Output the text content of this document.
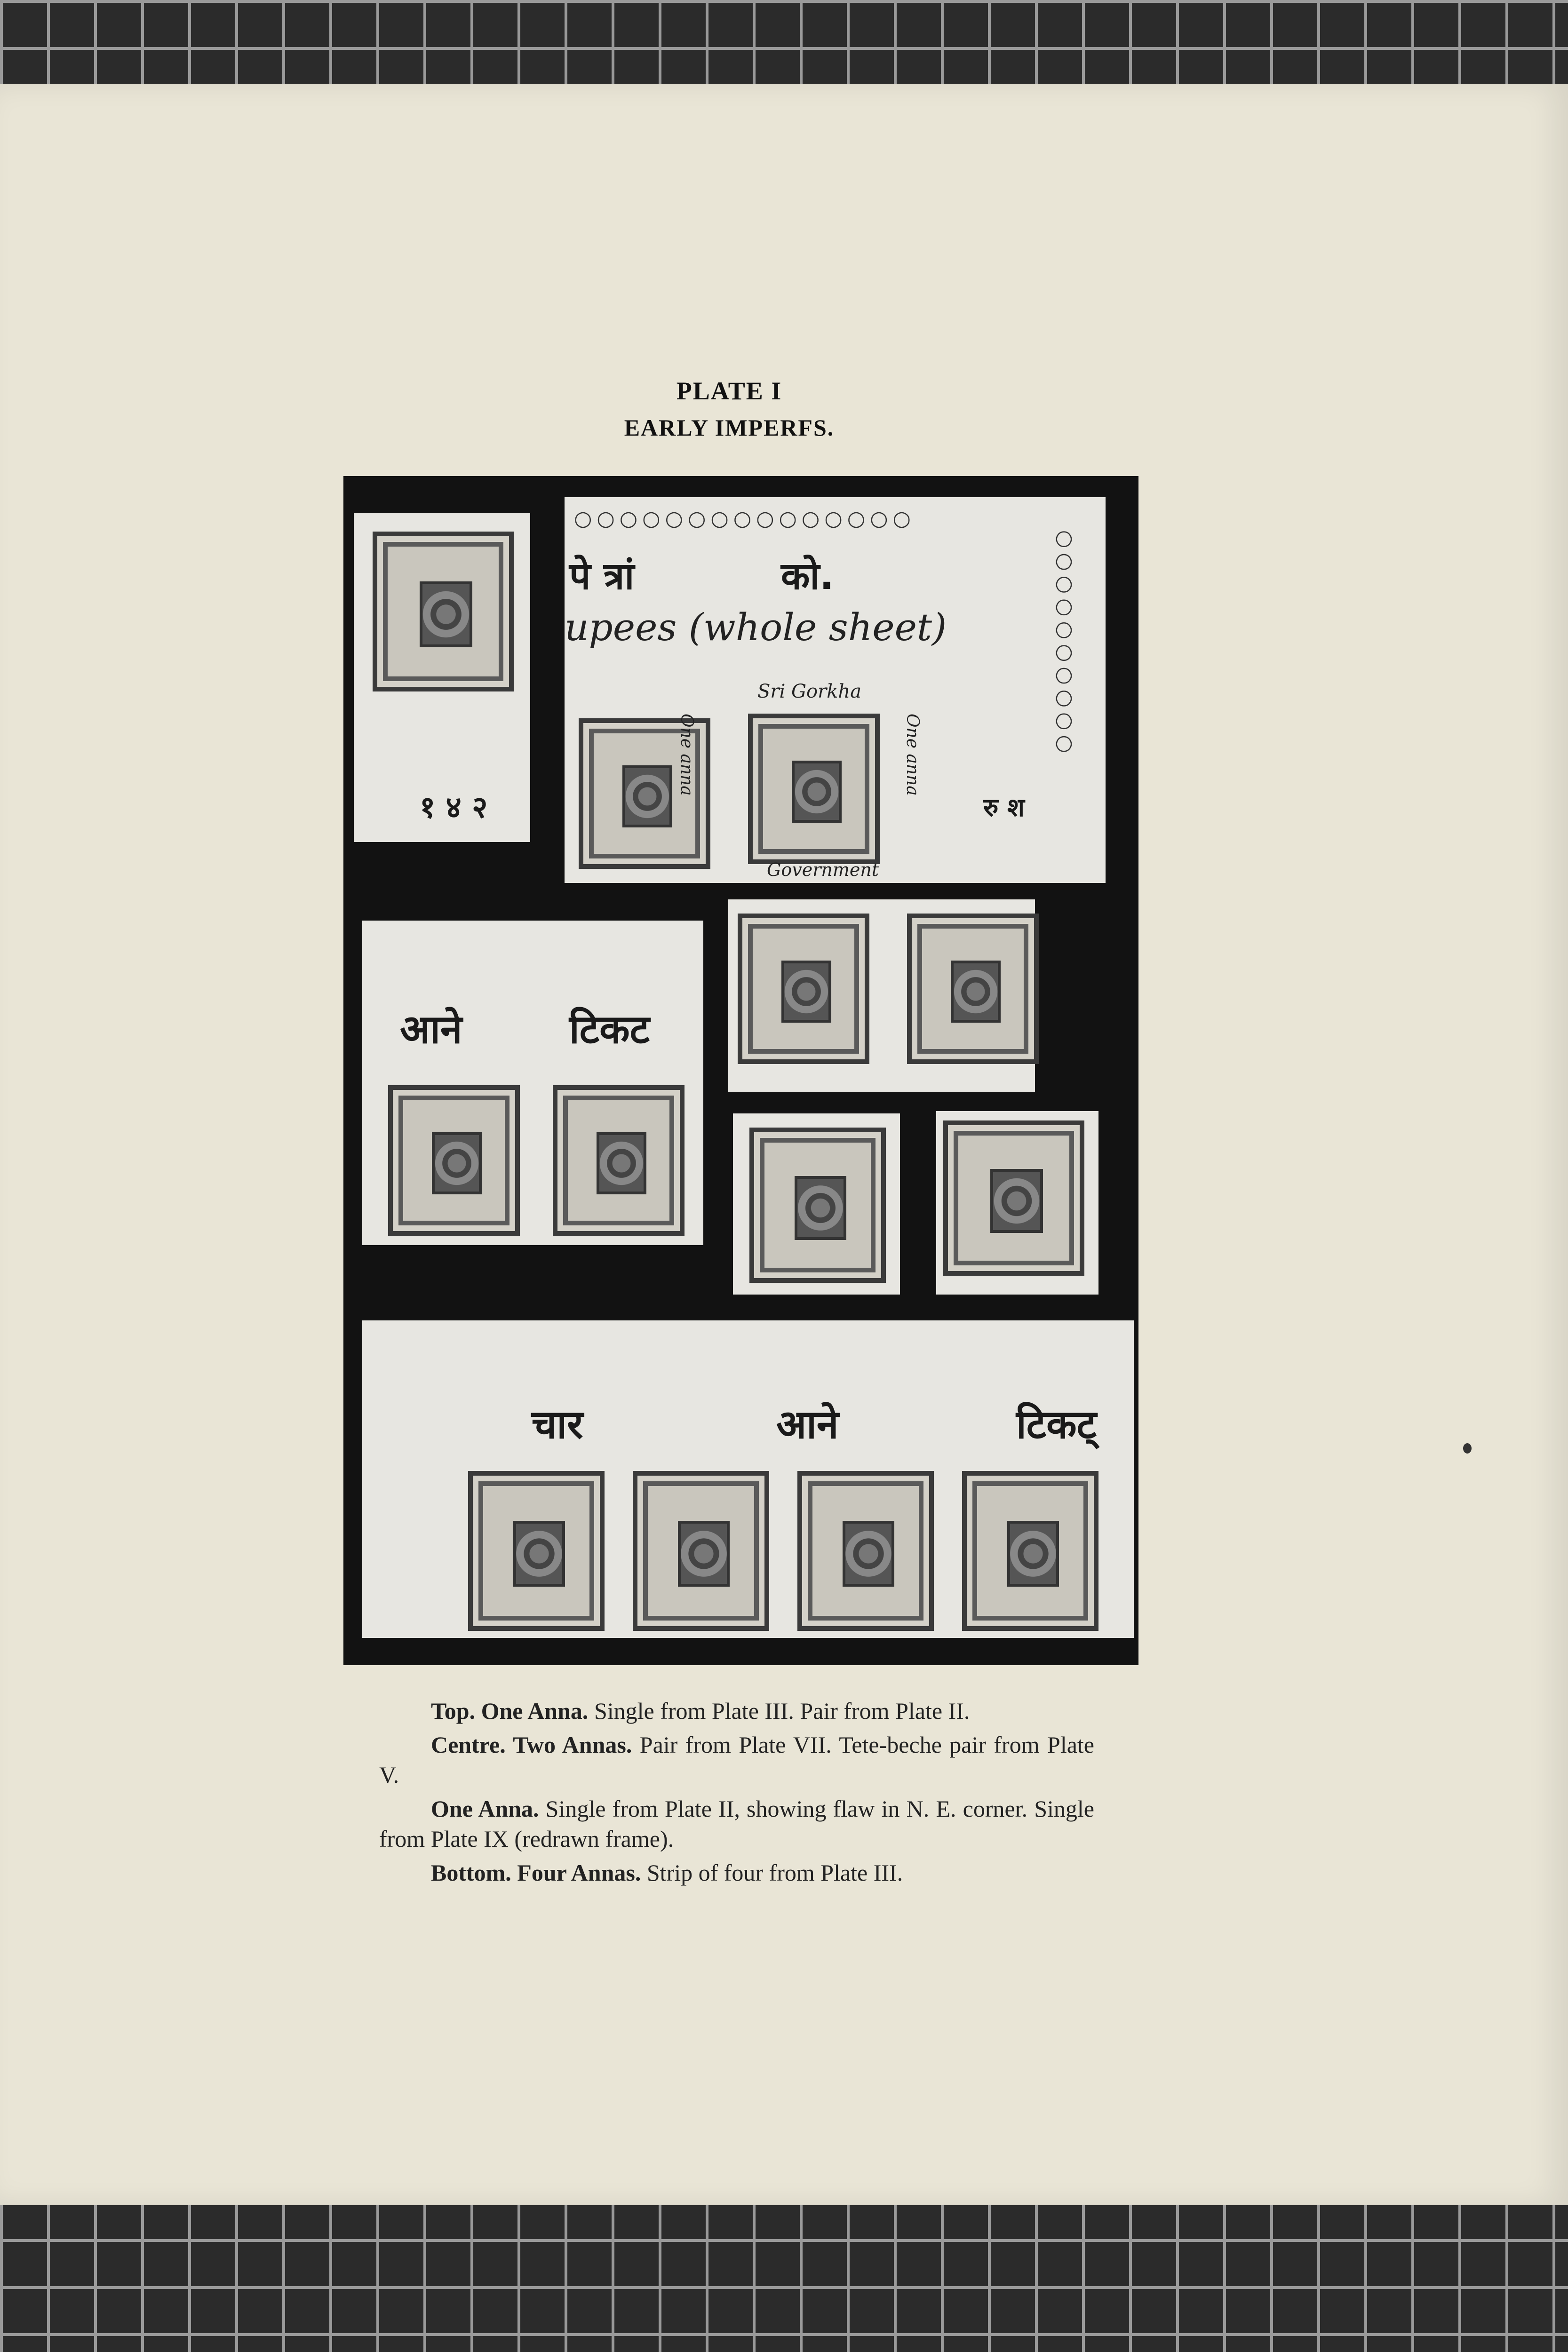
PLATE I
EARLY IMPERFS.
१ ४ २
○○○○○○○○○○○○○○○
पे त्रां	को.
upees (whole sheet)
Sri Gorkha
One anna	One anna
Government
रु श
○○○○○○○○○○
आने	टिकट
चार	आने	टिकट्

Top. One Anna. Single from Plate III. Pair from Plate II.

Centre. Two Annas. Pair from Plate VII. Tete-beche pair from Plate V.

One Anna. Single from Plate II, showing flaw in N. E. corner. Single from Plate IX (redrawn frame).

Bottom. Four Annas. Strip of four from Plate III.
